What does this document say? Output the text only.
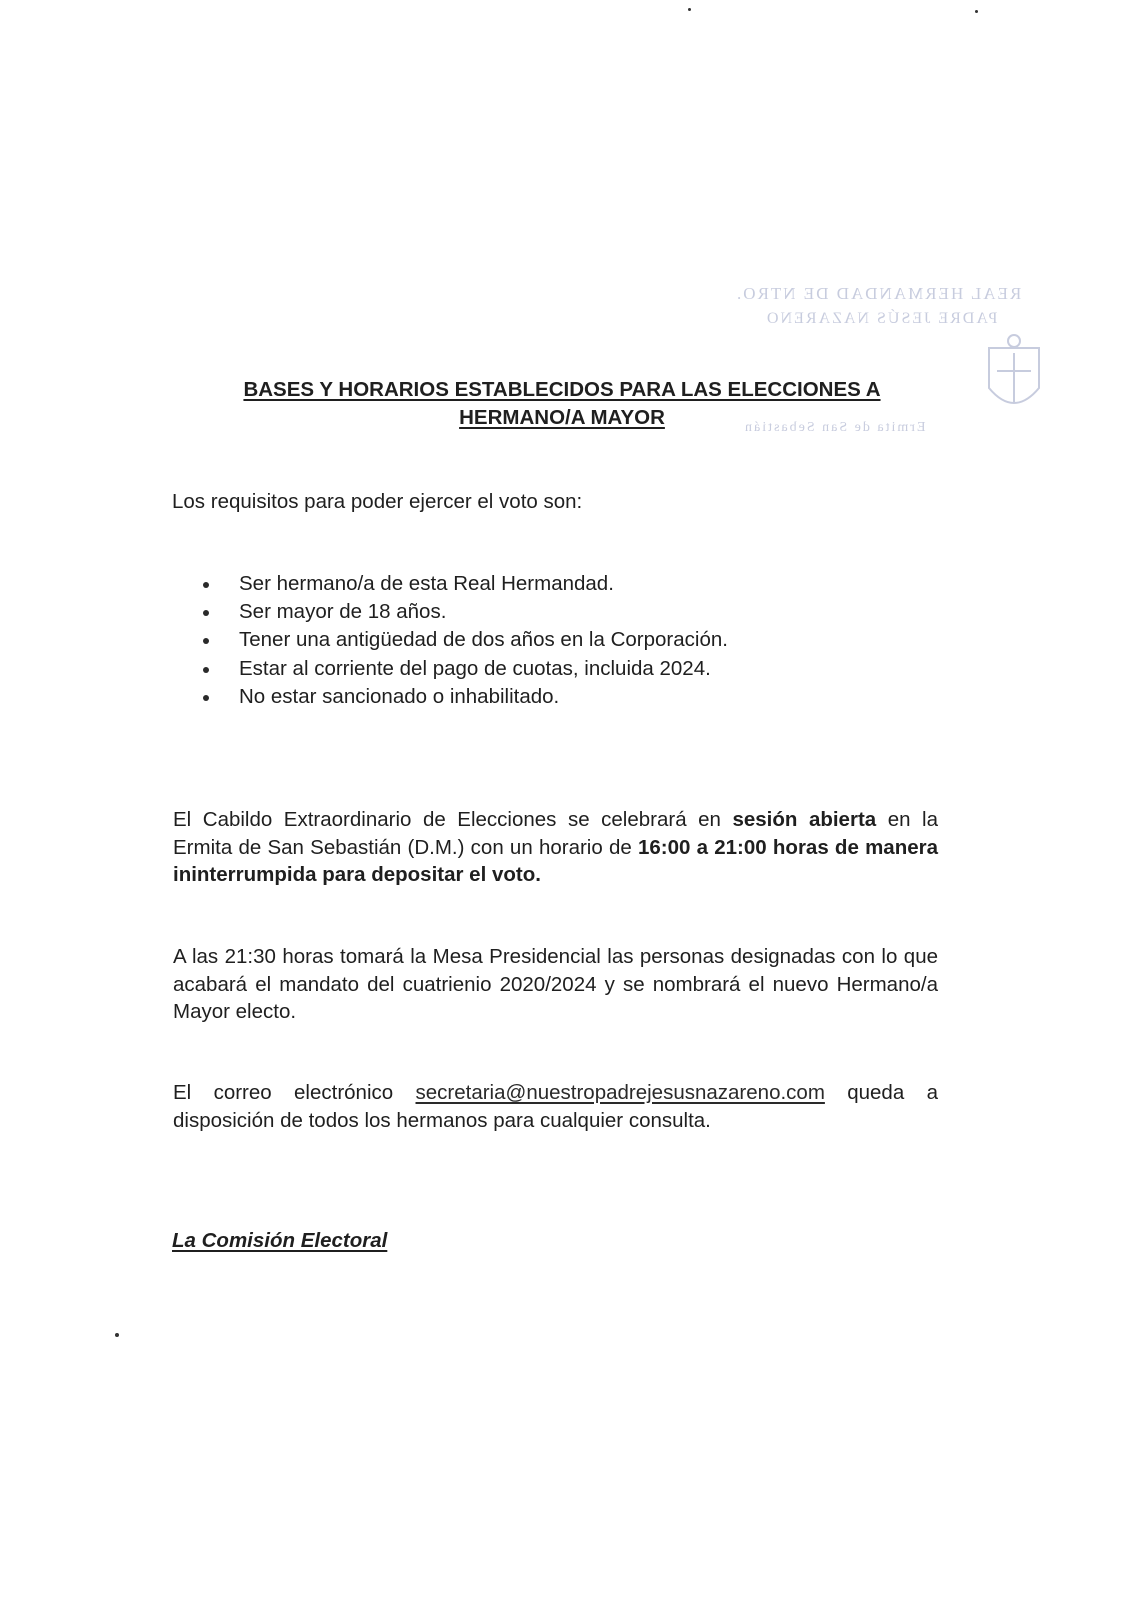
REAL HERMANDAD DE NTRO.
PADRE JESÚS NAZARENO
Ermita de San Sebastián
BASES Y HORARIOS ESTABLECIDOS PARA LAS ELECCIONES A
HERMANO/A MAYOR
Los requisitos para poder ejercer el voto son:
Ser hermano/a de esta Real Hermandad.
Ser mayor de 18 años.
Tener una antigüedad de dos años en la Corporación.
Estar al corriente del pago de cuotas, incluida 2024.
No estar sancionado o inhabilitado.
El Cabildo Extraordinario de Elecciones se celebrará en sesión abierta en la Ermita de San Sebastián (D.M.) con un horario de 16:00 a 21:00 horas de manera ininterrumpida para depositar el voto.
A las 21:30 horas tomará la Mesa Presidencial las personas designadas con lo que acabará el mandato del cuatrienio 2020/2024 y se nombrará el nuevo Hermano/a Mayor electo.
El correo electrónico secretaria@nuestropadrejesusnazareno.com queda a disposición de todos los hermanos para cualquier consulta.
La Comisión Electoral
